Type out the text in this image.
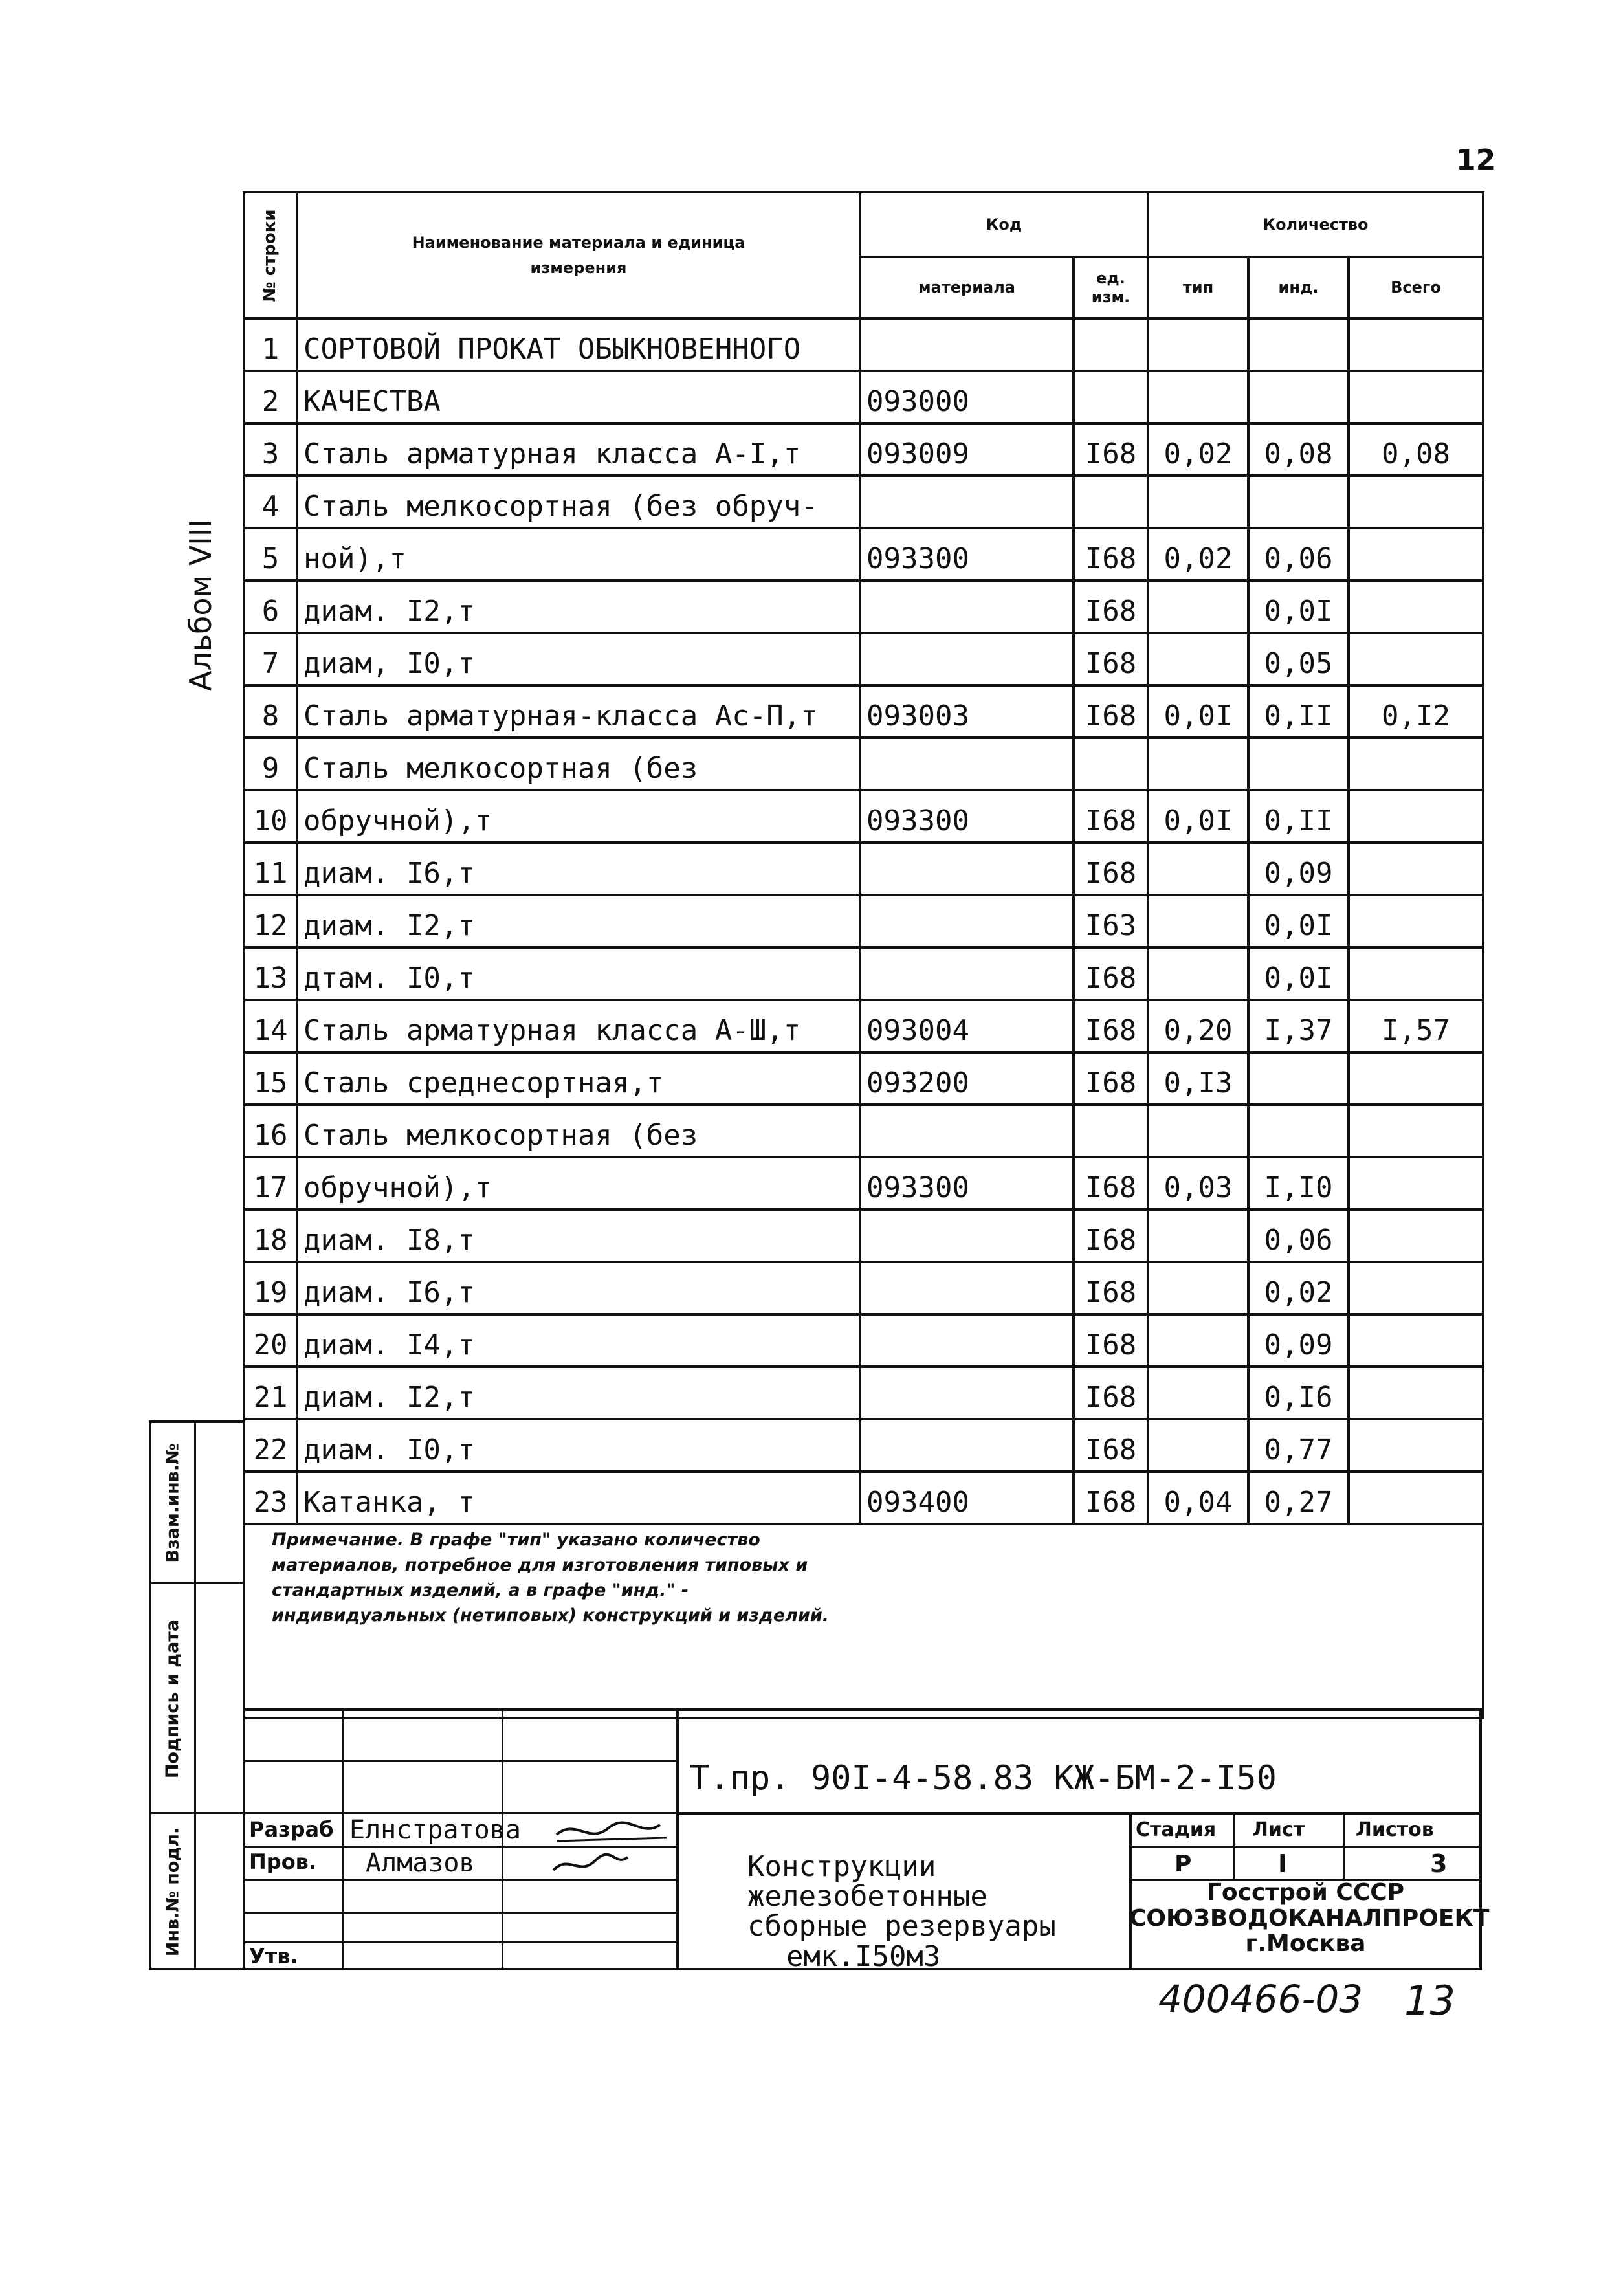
12
Альбом VIII
№ строки	Наименование материала и единица измерения	Код		Количество		
		материала	ед. изм.	тип	инд.	Всего
1	СОРТОВОЙ ПРОКАТ ОБЫКНОВЕННОГО					
2	КАЧЕСТВА	093000				
3	Сталь арматурная класса А-I,т	093009	I68	0,02	0,08	0,08
4	Сталь мелкосортная (без обруч-					
5	ной),т	093300	I68	0,02	0,06	
6	диам. I2,т		I68		0,0I	
7	диам, I0,т		I68		0,05	
8	Сталь арматурная-класса Ас-П,т	093003	I68	0,0I	0,II	0,I2
9	Сталь мелкосортная (без					
10	обручной),т	093300	I68	0,0I	0,II	
11	диам. I6,т		I68		0,09	
12	диам. I2,т		I63		0,0I	
13	дтам. I0,т		I68		0,0I	
14	Сталь арматурная класса А-Ш,т	093004	I68	0,20	I,37	I,57
15	Сталь среднесортная,т	093200	I68	0,I3		
16	Сталь мелкосортная (без					
17	обручной),т	093300	I68	0,03	I,I0	
18	диам. I8,т		I68		0,06	
19	диам. I6,т		I68		0,02	
20	диам. I4,т		I68		0,09	
21	диам. I2,т		I68		0,I6	
22	диам. I0,т		I68		0,77	
23	Катанка, т	093400	I68	0,04	0,27	

Примечание. В графе "тип" указано количество материалов, потребное для изготовления типовых и стандартных изделий, а в графе "инд." - индивидуальных (нетиповых) конструкций и изделий.
Взам.инв.№
Подпись и дата
Инв.№ подл.
Т.пр. 90I-4-58.83 КЖ-БМ-2-I50
Разраб
Пров.
Утв.
Елнстратова
Алмазов	Конструкции
железобетонные
сборные резервуары
емк.I50м3
Стадия Лист	Листов
Р	I	3
Госстрой СССР
СОЮЗВОДОКАНАЛПРОЕКТ
г.Москва
400466-03 13
